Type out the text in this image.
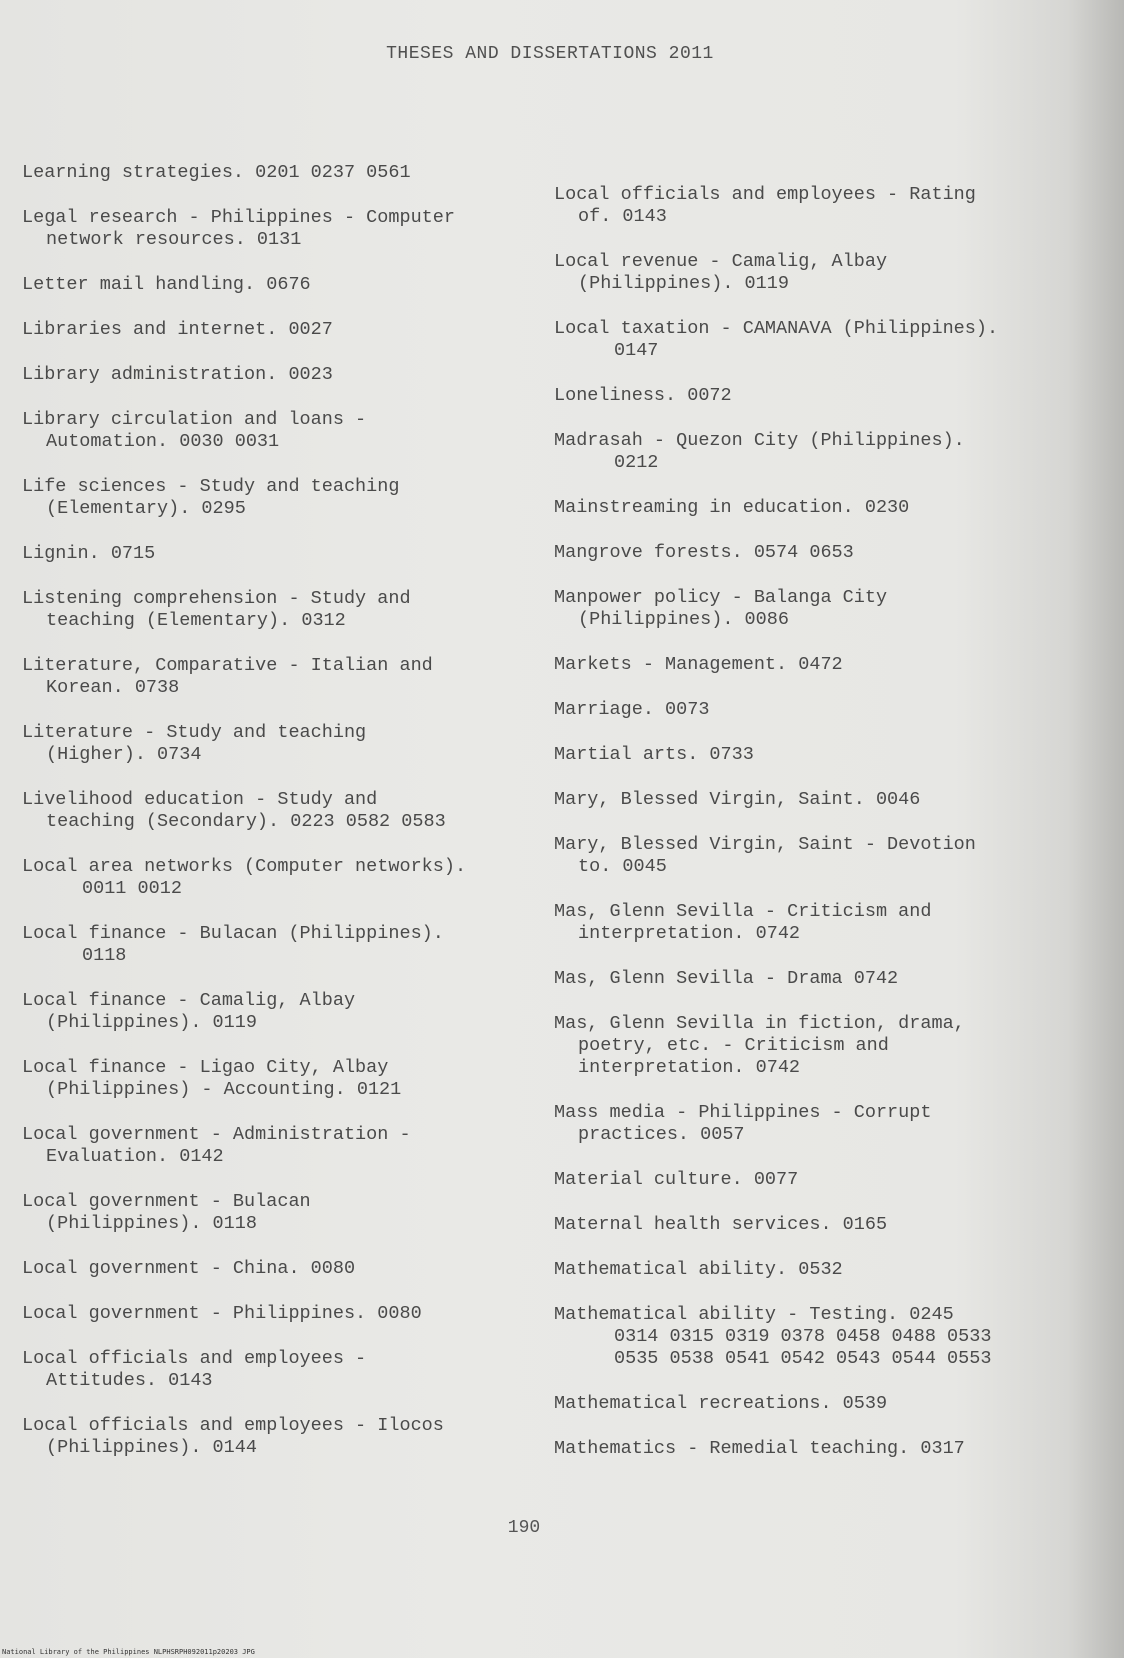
THESES AND DISSERTATIONS 2011
Learning strategies. 0201 0237 0561
Legal research - Philippines - Computer
network resources. 0131
Letter mail handling. 0676
Libraries and internet. 0027
Library administration. 0023
Library circulation and loans -
Automation. 0030 0031
Life sciences - Study and teaching
(Elementary). 0295
Lignin. 0715
Listening comprehension - Study and
teaching (Elementary). 0312
Literature, Comparative - Italian and
Korean. 0738
Literature - Study and teaching
(Higher). 0734
Livelihood education - Study and
teaching (Secondary). 0223 0582 0583
Local area networks (Computer networks).
0011 0012
Local finance - Bulacan (Philippines).
0118
Local finance - Camalig, Albay
(Philippines). 0119
Local finance - Ligao City, Albay
(Philippines) - Accounting. 0121
Local government - Administration -
Evaluation. 0142
Local government - Bulacan
(Philippines). 0118
Local government - China. 0080
Local government - Philippines. 0080
Local officials and employees -
Attitudes. 0143
Local officials and employees - Ilocos
(Philippines). 0144
Local officials and employees - Rating
of. 0143
Local revenue - Camalig, Albay
(Philippines). 0119
Local taxation - CAMANAVA (Philippines).
0147
Loneliness. 0072
Madrasah - Quezon City (Philippines).
0212
Mainstreaming in education. 0230
Mangrove forests. 0574 0653
Manpower policy - Balanga City
(Philippines). 0086
Markets - Management. 0472
Marriage. 0073
Martial arts. 0733
Mary, Blessed Virgin, Saint. 0046
Mary, Blessed Virgin, Saint - Devotion
to. 0045
Mas, Glenn Sevilla - Criticism and
interpretation. 0742
Mas, Glenn Sevilla - Drama 0742
Mas, Glenn Sevilla in fiction, drama,
poetry, etc. - Criticism and
interpretation. 0742
Mass media - Philippines - Corrupt
practices. 0057
Material culture. 0077
Maternal health services. 0165
Mathematical ability. 0532
Mathematical ability - Testing. 0245
0314 0315 0319 0378 0458 0488 0533
0535 0538 0541 0542 0543 0544 0553
Mathematical recreations. 0539
Mathematics - Remedial teaching. 0317
190
National Library of the Philippines NLPHSRPH092011p20203 JPG
